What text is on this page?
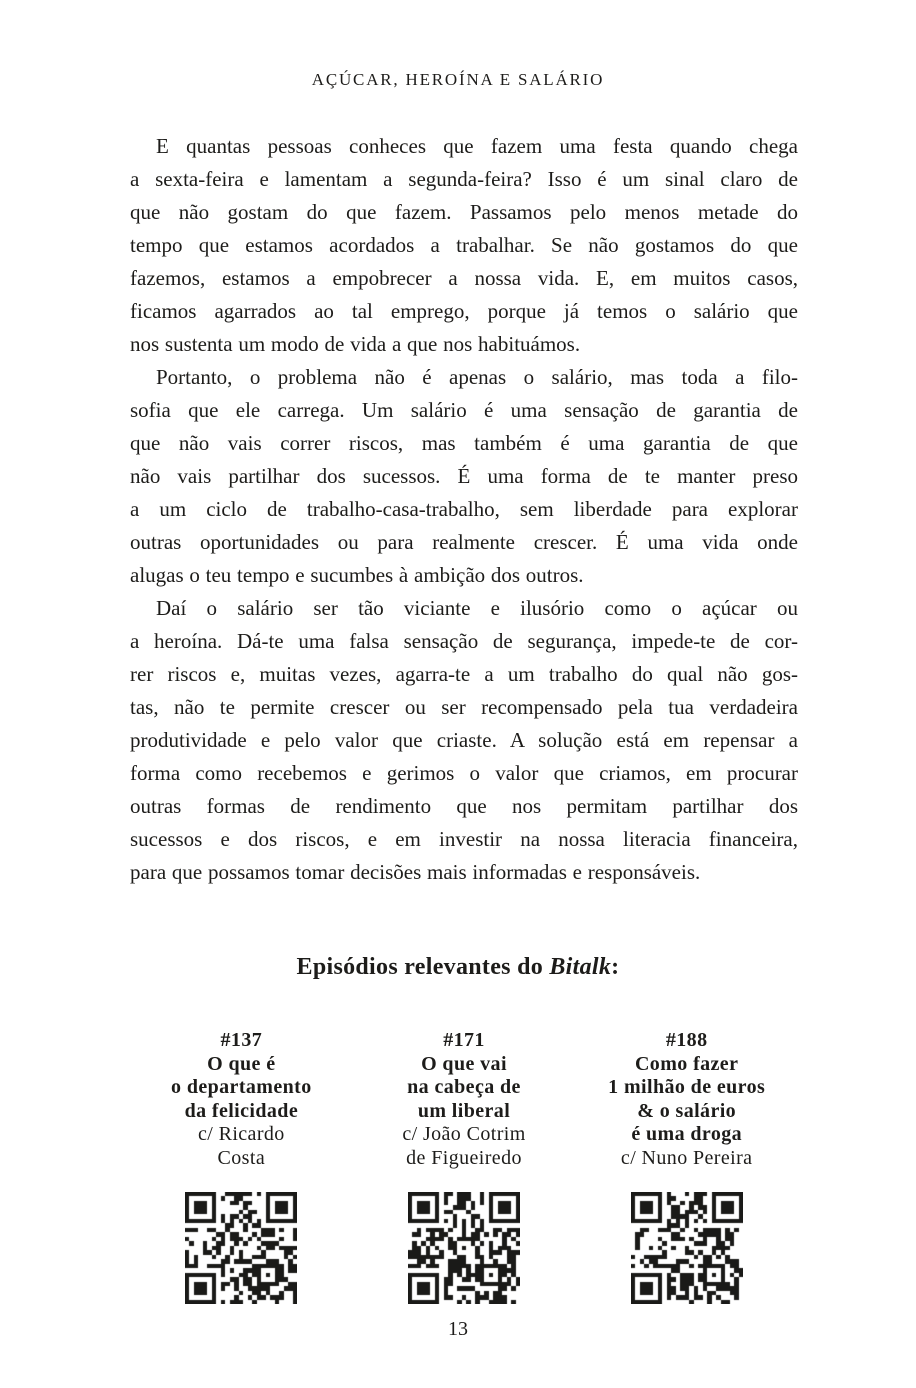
AÇÚCAR, HEROÍNA E SALÁRIO
E quantas pessoas conheces que fazem uma festa quando chega
a sexta-feira e lamentam a segunda-feira? Isso é um sinal claro de
que não gostam do que fazem. Passamos pelo menos metade do
tempo que estamos acordados a trabalhar. Se não gostamos do que
fazemos, estamos a empobrecer a nossa vida. E, em muitos casos,
ficamos agarrados ao tal emprego, porque já temos o salário que
nos sustenta um modo de vida a que nos habituámos.
Portanto, o problema não é apenas o salário, mas toda a filo-
sofia que ele carrega. Um salário é uma sensação de garantia de
que não vais correr riscos, mas também é uma garantia de que
não vais partilhar dos sucessos. É uma forma de te manter preso
a um ciclo de trabalho-casa-trabalho, sem liberdade para explorar
outras oportunidades ou para realmente crescer. É uma vida onde
alugas o teu tempo e sucumbes à ambição dos outros.
Daí o salário ser tão viciante e ilusório como o açúcar ou
a heroína. Dá-te uma falsa sensação de segurança, impede-te de cor-
rer riscos e, muitas vezes, agarra-te a um trabalho do qual não gos-
tas, não te permite crescer ou ser recompensado pela tua verdadeira
produtividade e pelo valor que criaste. A solução está em repensar a
forma como recebemos e gerimos o valor que criamos, em procurar
outras formas de rendimento que nos permitam partilhar dos
sucessos e dos riscos, e em investir na nossa literacia financeira,
para que possamos tomar decisões mais informadas e responsáveis.
Episódios relevantes do Bitalk:
#137
O que é
o departamento
da felicidade
c/ Ricardo
Costa
#171
O que vai
na cabeça de
um liberal
c/ João Cotrim
de Figueiredo
#188
Como fazer
1 milhão de euros
& o salário
é uma droga
c/ Nuno Pereira
13
